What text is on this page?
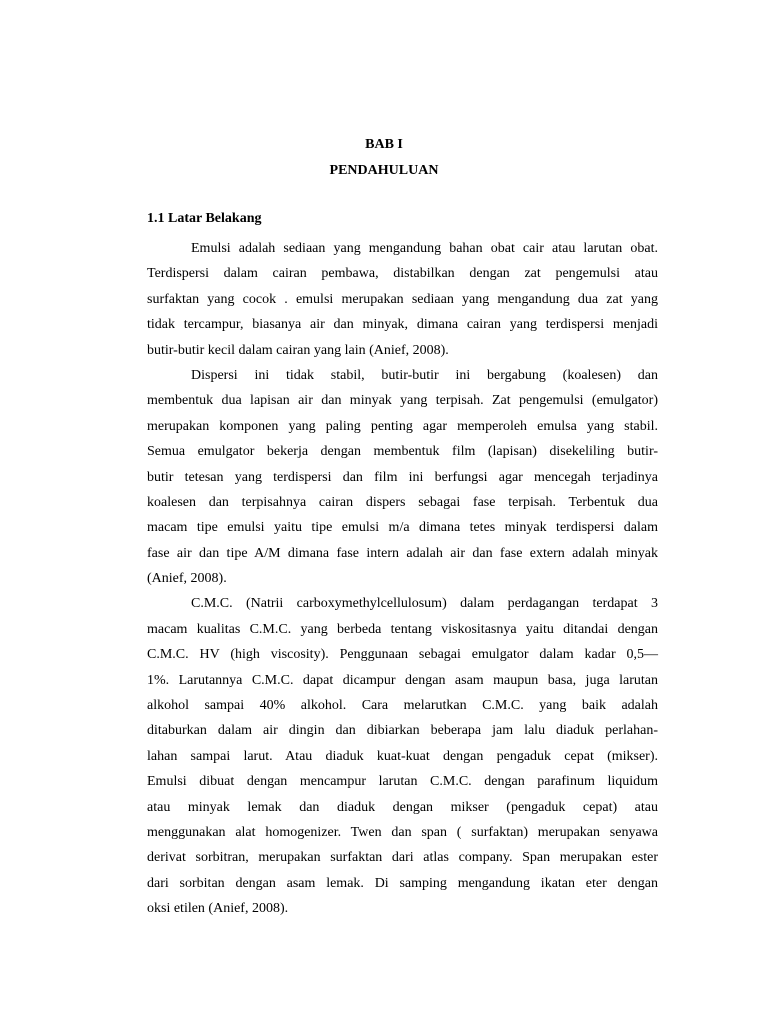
BAB I
PENDAHULUAN
1.1 Latar Belakang
Emulsi adalah sediaan yang mengandung bahan obat cair atau larutan obat.
Terdispersi dalam cairan pembawa, distabilkan dengan zat pengemulsi atau
surfaktan yang cocok . emulsi merupakan sediaan yang mengandung dua zat yang
tidak tercampur, biasanya air dan minyak, dimana cairan yang terdispersi menjadi
butir-butir kecil dalam cairan yang lain (Anief, 2008).
Dispersi ini tidak stabil, butir-butir ini bergabung (koalesen) dan
membentuk dua lapisan air dan minyak yang terpisah. Zat pengemulsi (emulgator)
merupakan komponen yang paling penting agar memperoleh emulsa yang stabil.
Semua emulgator bekerja dengan membentuk film (lapisan) disekeliling butir-
butir tetesan yang terdispersi dan film ini berfungsi agar mencegah terjadinya
koalesen dan terpisahnya cairan dispers sebagai fase terpisah. Terbentuk dua
macam tipe emulsi yaitu tipe emulsi m/a dimana tetes minyak terdispersi dalam
fase air dan tipe A/M dimana fase intern adalah air dan fase extern adalah minyak
(Anief, 2008).
C.M.C. (Natrii carboxymethylcellulosum) dalam perdagangan terdapat 3
macam kualitas C.M.C. yang berbeda tentang viskositasnya yaitu ditandai dengan
C.M.C. HV (high viscosity). Penggunaan sebagai emulgator dalam kadar 0,5—
1%. Larutannya C.M.C. dapat dicampur dengan asam maupun basa, juga larutan
alkohol sampai 40% alkohol. Cara melarutkan C.M.C. yang baik adalah
ditaburkan dalam air dingin dan dibiarkan beberapa jam lalu diaduk perlahan-
lahan sampai larut. Atau diaduk kuat-kuat dengan pengaduk cepat (mikser).
Emulsi dibuat dengan mencampur larutan C.M.C. dengan parafinum liquidum
atau minyak lemak dan diaduk dengan mikser (pengaduk cepat) atau
menggunakan alat homogenizer. Twen dan span ( surfaktan) merupakan senyawa
derivat sorbitran, merupakan surfaktan dari atlas company. Span merupakan ester
dari sorbitan dengan asam lemak. Di samping mengandung ikatan eter dengan
oksi etilen (Anief, 2008).
